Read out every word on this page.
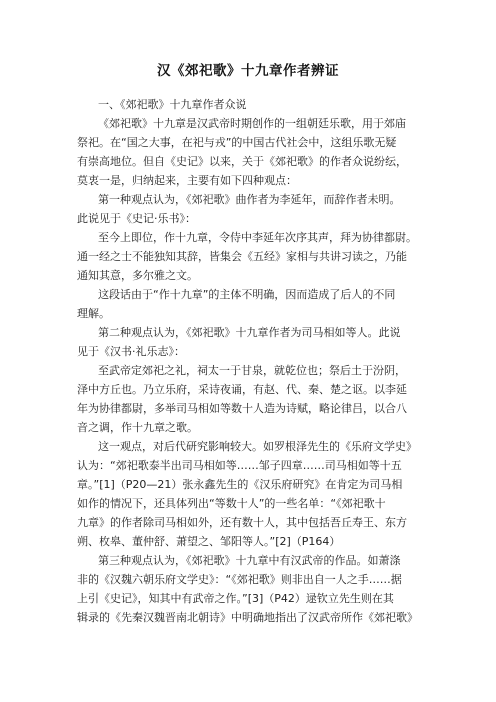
汉《郊祀歌》十九章作者辨证
一、《郊祀歌》十九章作者众说
《郊祀歌》十九章是汉武帝时期创作的一组朝廷乐歌，用于郊庙
祭祀。在“国之大事，在祀与戎”的中国古代社会中，这组乐歌无疑
有崇高地位。但自《史记》以来，关于《郊祀歌》的作者众说纷纭，
莫衷一是，归纳起来，主要有如下四种观点：
第一种观点认为，《郊祀歌》曲作者为李延年，而辞作者未明。
此说见于《史记·乐书》：
至今上即位，作十九章，令侍中李延年次序其声，拜为协律都尉。
通一经之士不能独知其辞，皆集会《五经》家相与共讲习读之，乃能
通知其意，多尔雅之文。
这段话由于“作十九章”的主体不明确，因而造成了后人的不同
理解。
第二种观点认为，《郊祀歌》十九章作者为司马相如等人。此说
见于《汉书·礼乐志》：
至武帝定郊祀之礼，祠太一于甘泉，就乾位也；祭后土于汾阴，
泽中方丘也。乃立乐府，采诗夜诵，有赵、代、秦、楚之讴。以李延
年为协律都尉，多举司马相如等数十人造为诗赋，略论律吕，以合八
音之调，作十九章之歌。
这一观点，对后代研究影响较大。如罗根泽先生的《乐府文学史》
认为：“郊祀歌泰半出司马相如等……邹子四章……司马相如等十五
章。”[1]（P20—21）张永鑫先生的《汉乐府研究》在肯定为司马相
如作的情况下，还具体列出“等数十人”的一些名单：“《郊祀歌十
九章》的作者除司马相如外，还有数十人，其中包括吾丘寿王、东方
朔、枚皋、董仲舒、萧望之、邹阳等人。”[2]（P164）
第三种观点认为，《郊祀歌》十九章中有汉武帝的作品。如萧涤
非的《汉魏六朝乐府文学史》：“《郊祀歌》则非出自一人之手……据
上引《史记》，知其中有武帝之作。”[3]（P42）逯钦立先生则在其
辑录的《先秦汉魏晋南北朝诗》中明确地指出了汉武帝所作《郊祀歌》
